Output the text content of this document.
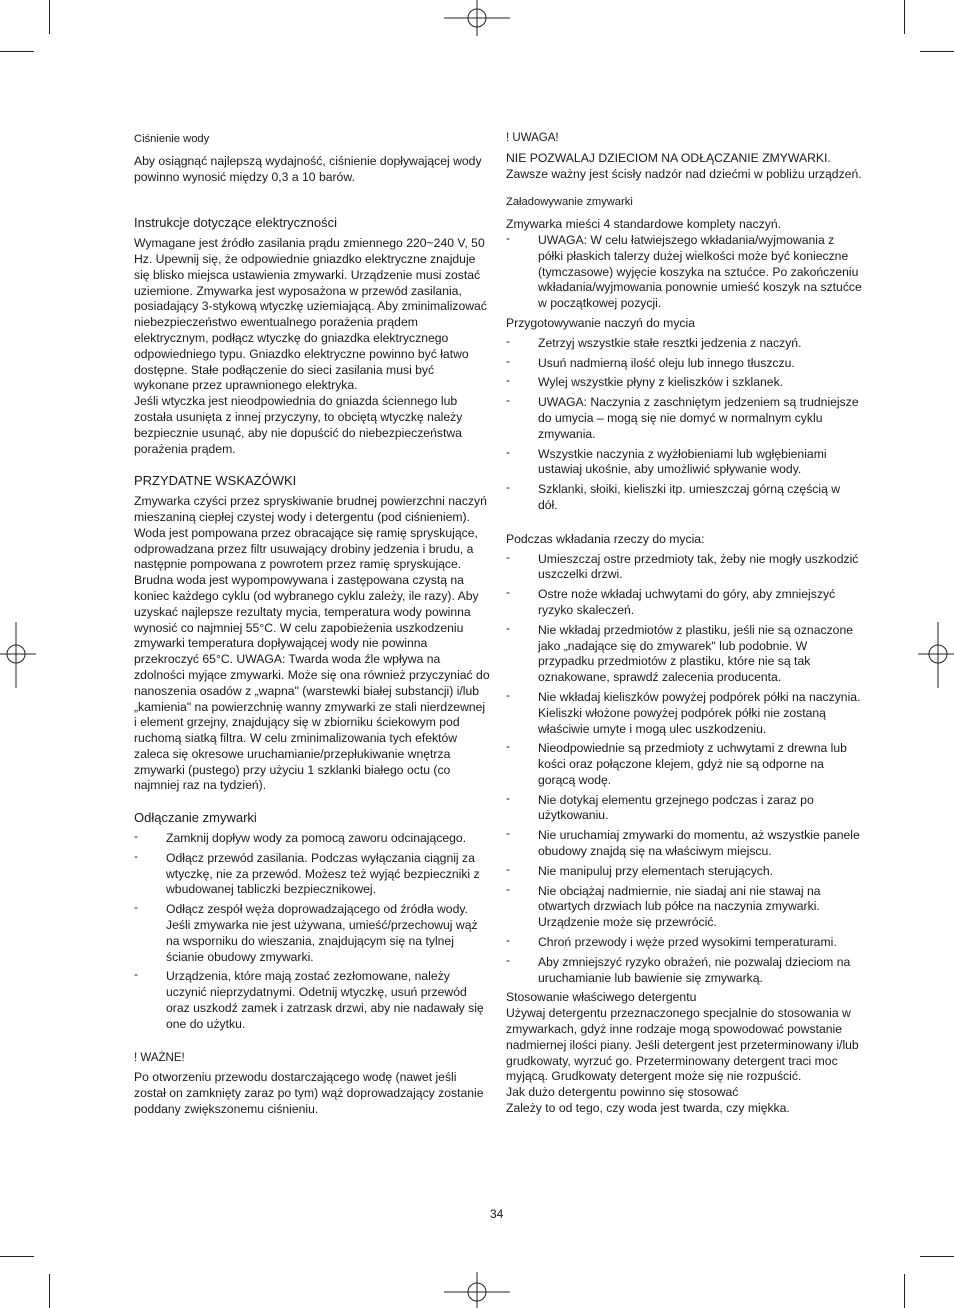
Ciśnienie wody

Aby osiągnąć najlepszą wydajność, ciśnienie dopływającej wody powinno wynosić między 0,3 a 10 barów.

Instrukcje dotyczące elektryczności

Wymagane jest źródło zasilania prądu zmiennego 220~240 V, 50 Hz. Upewnij się, że odpowiednie gniazdko elektryczne znajduje się blisko miejsca ustawienia zmywarki. Urządzenie musi zostać uziemione. Zmywarka jest wyposażona w przewód zasilania, posiadający 3-stykową wtyczkę uziemiającą. Aby zminimalizować niebezpieczeństwo ewentualnego porażenia prądem elektrycznym, podłącz wtyczkę do gniazdka elektrycznego odpowiedniego typu. Gniazdko elektryczne powinno być łatwo dostępne. Stałe podłączenie do sieci zasilania musi być wykonane przez uprawnionego elektryka.

Jeśli wtyczka jest nieodpowiednia do gniazda ściennego lub została usunięta z innej przyczyny, to obciętą wtyczkę należy bezpiecznie usunąć, aby nie dopuścić do niebezpieczeństwa porażenia prądem.

PRZYDATNE WSKAZÓWKI

Zmywarka czyści przez spryskiwanie brudnej powierzchni naczyń mieszaniną ciepłej czystej wody i detergentu (pod ciśnieniem). Woda jest pompowana przez obracające się ramię spryskujące, odprowadzana przez filtr usuwający drobiny jedzenia i brudu, a następnie pompowana z powrotem przez ramię spryskujące. Brudna woda jest wypompowywana i zastępowana czystą na koniec każdego cyklu (od wybranego cyklu zależy, ile razy). Aby uzyskać najlepsze rezultaty mycia, temperatura wody powinna wynosić co najmniej 55°C. W celu zapobieżenia uszkodzeniu zmywarki temperatura dopływającej wody nie powinna przekroczyć 65°C. UWAGA: Twarda woda źle wpływa na zdolności myjące zmywarki. Może się ona również przyczyniać do nanoszenia osadów z „wapna" (warstewki białej substancji) i/lub „kamienia" na powierzchnię wanny zmywarki ze stali nierdzewnej i element grzejny, znajdujący się w zbiorniku ściekowym pod ruchomą siatką filtra. W celu zminimalizowania tych efektów zaleca się okresowe uruchamianie/przepłukiwanie wnętrza zmywarki (pustego) przy użyciu 1 szklanki białego octu (co najmniej raz na tydzień).

Odłączanie zmywarki
- Zamknij dopływ wody za pomocą zaworu odcinającego.
- Odłącz przewód zasilania. Podczas wyłączania ciągnij za wtyczkę, nie za przewód. Możesz też wyjąć bezpieczniki z wbudowanej tabliczki bezpiecznikowej.
- Odłącz zespół węża doprowadzającego od źródła wody. Jeśli zmywarka nie jest używana, umieść/przechowuj wąż na wsporniku do wieszania, znajdującym się na tylnej ścianie obudowy zmywarki.
- Urządzenia, które mają zostać zezłomowane, należy uczynić nieprzydatnymi. Odetnij wtyczkę, usuń przewód oraz uszkodź zamek i zatrzask drzwi, aby nie nadawały się one do użytku.
! WAŻNE!

Po otworzeniu przewodu dostarczającego wodę (nawet jeśli został on zamknięty zaraz po tym) wąż doprowadzający zostanie poddany zwiększonemu ciśnieniu.

! UWAGA!

NIE POZWALAJ DZIECIOM NA ODŁĄCZANIE ZMYWARKI.

Zawsze ważny jest ścisły nadzór nad dziećmi w pobliżu urządzeń.

Załadowywanie zmywarki

Zmywarka mieści 4 standardowe komplety naczyń.

- UWAGA: W celu łatwiejszego wkładania/wyjmowania z półki płaskich talerzy dużej wielkości może być konieczne (tymczasowe) wyjęcie koszyka na sztućce. Po zakończeniu wkładania/wyjmowania ponownie umieść koszyk na sztućce w początkowej pozycji.
Przygotowywanie naczyń do mycia
- Zetrzyj wszystkie stałe resztki jedzenia z naczyń.
- Usuń nadmierną ilość oleju lub innego tłuszczu.
- Wylej wszystkie płyny z kieliszków i szklanek.
- UWAGA: Naczynia z zaschniętym jedzeniem są trudniejsze do umycia – mogą się nie domyć w normalnym cyklu zmywania.
- Wszystkie naczynia z wyżłobieniami lub wgłębieniami ustawiaj ukośnie, aby umożliwić spływanie wody.
- Szklanki, słoiki, kieliszki itp. umieszczaj górną częścią w dół.
Podczas wkładania rzeczy do mycia:
- Umieszczaj ostre przedmioty tak, żeby nie mogły uszkodzić uszczelki drzwi.
- Ostre noże wkładaj uchwytami do góry, aby zmniejszyć ryzyko skaleczeń.
- Nie wkładaj przedmiotów z plastiku, jeśli nie są oznaczone jako „nadające się do zmywarek" lub podobnie. W przypadku przedmiotów z plastiku, które nie są tak oznakowane, sprawdź zalecenia producenta.
- Nie wkładaj kieliszków powyżej podpórek półki na naczynia. Kieliszki włożone powyżej podpórek półki nie zostaną właściwie umyte i mogą ulec uszkodzeniu.
- Nieodpowiednie są przedmioty z uchwytami z drewna lub kości oraz połączone klejem, gdyż nie są odporne na gorącą wodę.
- Nie dotykaj elementu grzejnego podczas i zaraz po użytkowaniu.
- Nie uruchamiaj zmywarki do momentu, aż wszystkie panele obudowy znajdą się na właściwym miejscu.
- Nie manipuluj przy elementach sterujących.
- Nie obciążaj nadmiernie, nie siadaj ani nie stawaj na otwartych drzwiach lub półce na naczynia zmywarki. Urządzenie może się przewrócić.
- Chroń przewody i węże przed wysokimi temperaturami.
- Aby zmniejszyć ryzyko obrażeń, nie pozwalaj dzieciom na uruchamianie lub bawienie się zmywarką.
Stosowanie właściwego detergentu

Używaj detergentu przeznaczonego specjalnie do stosowania w zmywarkach, gdyż inne rodzaje mogą spowodować powstanie nadmiernej ilości piany. Jeśli detergent jest przeterminowany i/lub grudkowaty, wyrzuć go. Przeterminowany detergent traci moc myjącą. Grudkowaty detergent może się nie rozpuścić.

Jak dużo detergentu powinno się stosować

Zależy to od tego, czy woda jest twarda, czy miękka.

34
